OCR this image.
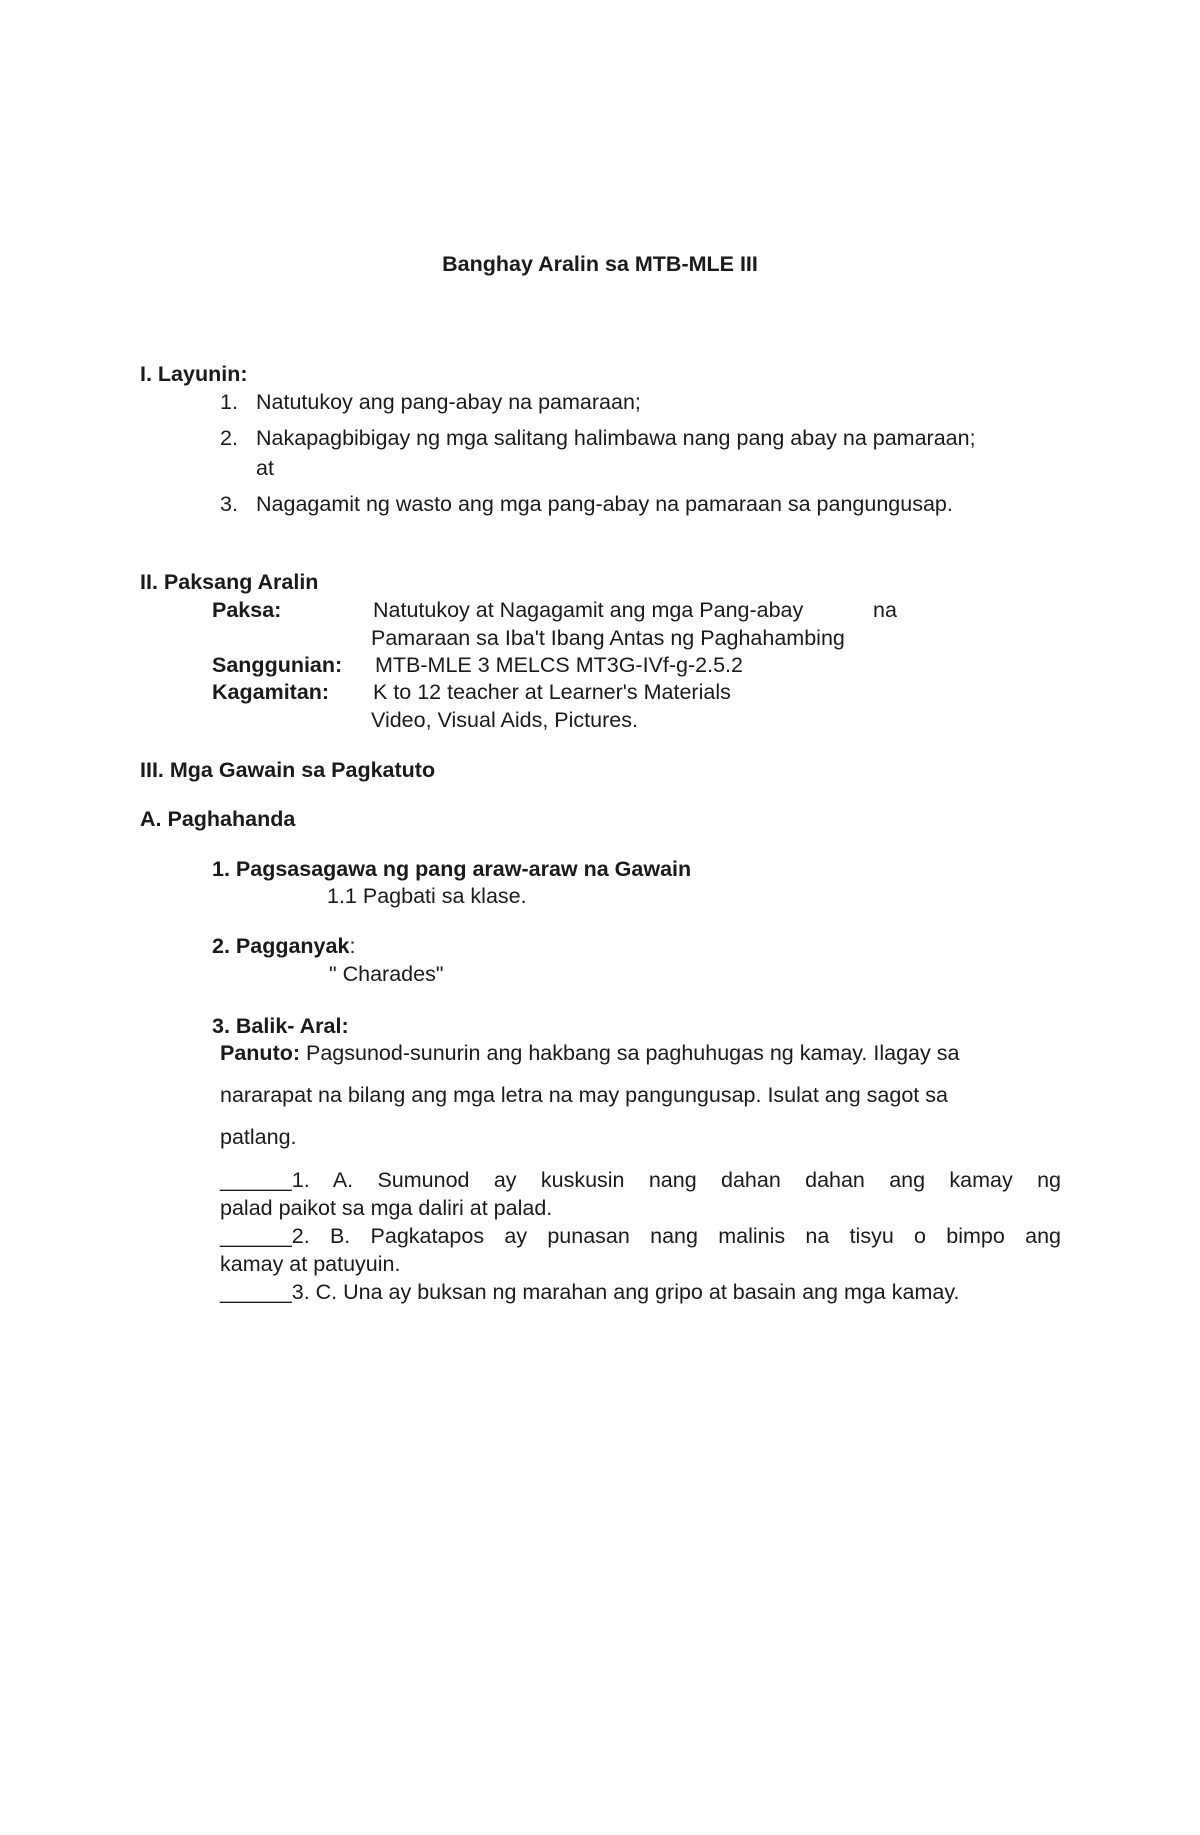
Banghay Aralin sa MTB-MLE III
I. Layunin:
1. Natutukoy ang pang-abay na pamaraan;
2. Nakapagbibigay ng mga salitang halimbawa nang pang abay na pamaraan;
at
3. Nagagamit ng wasto ang mga pang-abay na pamaraan sa pangungusap.
II. Paksang Aralin
Paksa:	Natutukoy at Nagagamit ang mga Pang-abay	na
Pamaraan sa Iba't Ibang Antas ng Paghahambing
Sanggunian: MTB-MLE 3 MELCS MT3G-IVf-g-2.5.2
Kagamitan: K to 12 teacher at Learner's Materials
Video, Visual Aids, Pictures.
III. Mga Gawain sa Pagkatuto
A. Paghahanda
1. Pagsasagawa ng pang araw-araw na Gawain
1.1 Pagbati sa klase.
2. Pagganyak:
" Charades"
3. Balik- Aral:
Panuto: Pagsunod-sunurin ang hakbang sa paghuhugas ng kamay. Ilagay sa
nararapat na bilang ang mga letra na may pangungusap. Isulat ang sagot sa
patlang.
______1. A. Sumunod ay kuskusin nang dahan dahan ang kamay ng
palad paikot sa mga daliri at palad.
______2. B. Pagkatapos ay punasan nang malinis na tisyu o bimpo ang
kamay at patuyuin.
______3. C. Una ay buksan ng marahan ang gripo at basain ang mga kamay.
